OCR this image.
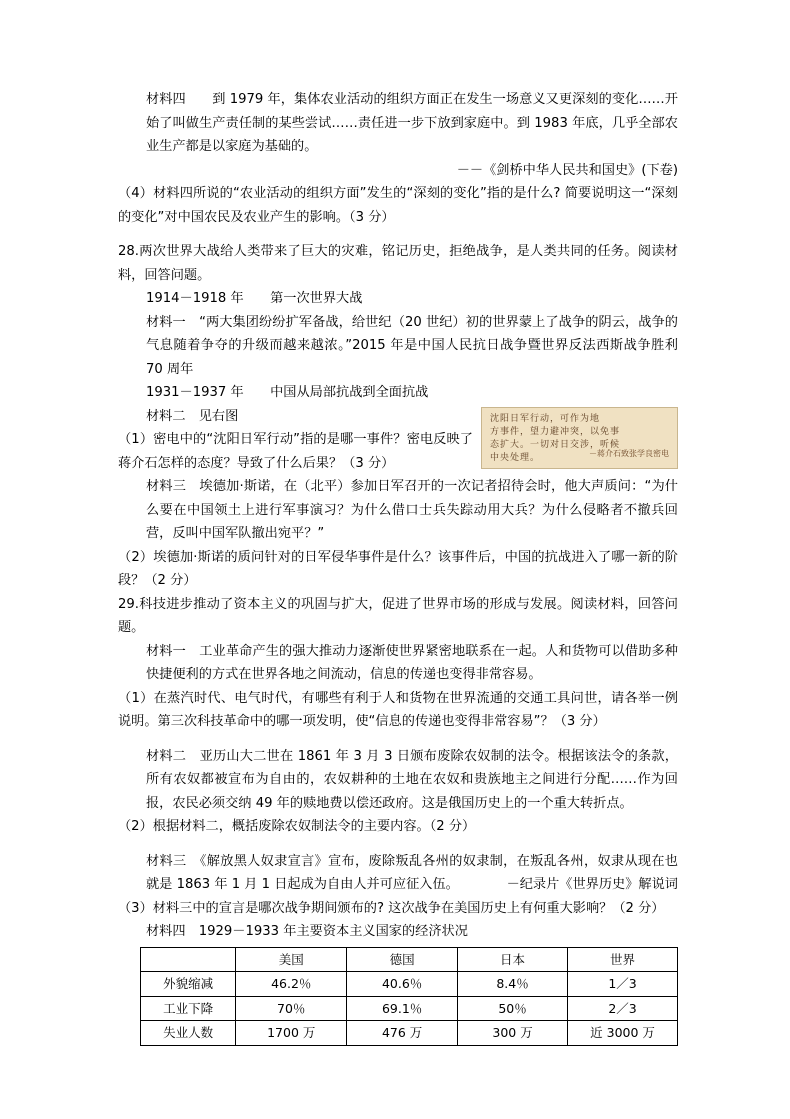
材料四　　到 1979 年，集体农业活动的组织方面正在发生一场意义又更深刻的变化……开始了叫做生产责任制的某些尝试……责任进一步下放到家庭中。到 1983 年底，几乎全部农业生产都是以家庭为基础的。

－－《剑桥中华人民共和国史》(下卷)

（4）材料四所说的“农业活动的组织方面”发生的“深刻的变化”指的是什么? 简要说明这一“深刻的变化”对中国农民及农业产生的影响。（3 分）

28.两次世界大战给人类带来了巨大的灾难，铭记历史，拒绝战争，是人类共同的任务。阅读材料，回答问题。

1914－1918 年　　第一次世界大战

材料一　“两大集团纷纷扩军备战，给世纪（20 世纪）初的世界蒙上了战争的阴云，战争的气息随着争夺的升级而越来越浓。”2015 年是中国人民抗日战争暨世界反法西斯战争胜利 70 周年

1931－1937 年　　中国从局部抗战到全面抗战

沈阳日军行动，可作为地
方事件，望力避冲突，以免事
态扩大。一切对日交涉，听候
中央处理。	－蒋介石致张学良密电

材料二　见右图

（1）密电中的“沈阳日军行动”指的是哪一事件？密电反映了蒋介石怎样的态度？导致了什么后果？（3 分）

材料三　埃德加·斯诺，在（北平）参加日军召开的一次记者招待会时，他大声质问：“为什么要在中国领土上进行军事演习？为什么借口士兵失踪动用大兵？为什么侵略者不撤兵回营，反叫中国军队撤出宛平？”

（2）埃德加·斯诺的质问针对的日军侵华事件是什么？该事件后，中国的抗战进入了哪一新的阶段？（2 分）

29.科技进步推动了资本主义的巩固与扩大，促进了世界市场的形成与发展。阅读材料，回答问题。

材料一　工业革命产生的强大推动力逐渐使世界紧密地联系在一起。人和货物可以借助多种快捷便利的方式在世界各地之间流动，信息的传递也变得非常容易。

（1）在蒸汽时代、电气时代，有哪些有利于人和货物在世界流通的交通工具问世，请各举一例说明。第三次科技革命中的哪一项发明，使“信息的传递也变得非常容易”？（3 分）

材料二　亚历山大二世在 1861 年 3 月 3 日颁布废除农奴制的法令。根据该法令的条款，所有农奴都被宣布为自由的，农奴耕种的土地在农奴和贵族地主之间进行分配……作为回报，农民必须交纳 49 年的赎地费以偿还政府。这是俄国历史上的一个重大转折点。

（2）根据材料二，概括废除农奴制法令的主要内容。（2 分）

材料三　《解放黑人奴隶宣言》宣布，废除叛乱各州的奴隶制，在叛乱各州，奴隶从现在也就是 1863 年 1 月 1 日起成为自由人并可应征入伍。	－纪录片《世界历史》解说词

（3）材料三中的宣言是哪次战争期间颁布的? 这次战争在美国历史上有何重大影响？（2 分）

材料四　1929－1933 年主要资本主义国家的经济状况

	美国	德国	日本	世界
外貌缩减	46.2％	40.6％	8.4％	1／3
工业下降	70％	69.1％	50％	2／3
失业人数	1700 万	476 万	300 万	近 3000 万
